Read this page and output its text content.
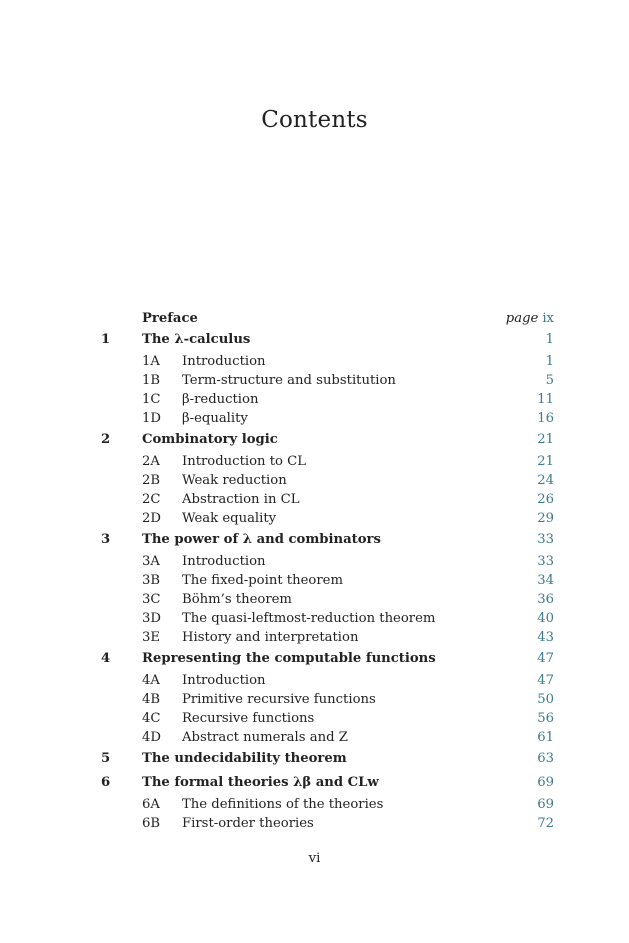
Contents
Preface	page ix
1 The λ-calculus	1
1A Introduction	1
1B Term-structure and substitution	5
1C β-reduction	11
1D β-equality	16
2 Combinatory logic	21
2A Introduction to CL	21
2B Weak reduction	24
2C Abstraction in CL	26
2D Weak equality	29
3 The power of λ and combinators	33
3A Introduction	33
3B The fixed-point theorem	34
3C Böhm’s theorem	36
3D The quasi-leftmost-reduction theorem	40
3E History and interpretation	43
4 Representing the computable functions	47
4A Introduction	47
4B Primitive recursive functions	50
4C Recursive functions	56
4D Abstract numerals and Z	61
5 The undecidability theorem	63
6 The formal theories λβ and CLw	69
6A The definitions of the theories	69
6B First-order theories	72
vi
